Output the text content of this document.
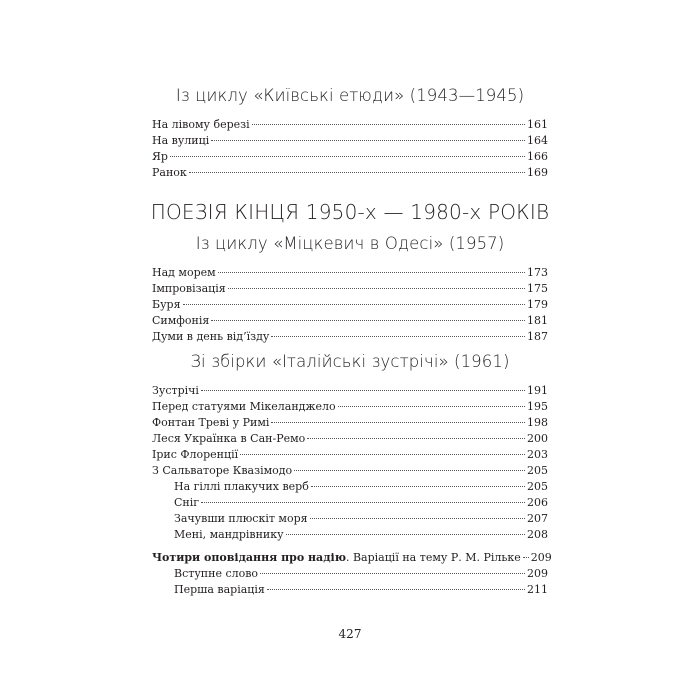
Із циклу «Київські етюди» (1943—1945)
На лівому березі	161
На вулиці	164
Яр	166
Ранок	169
ПОЕЗІЯ КІНЦЯ 1950-х — 1980-х РОКІВ
Із циклу «Міцкевич в Одесі» (1957)
Над морем	173
Імпровізація	175
Буря	179
Симфонія	181
Думи в день від’їзду	187
Зі збірки «Італійські зустрічі» (1961)
Зустрічі	191
Перед статуями Мікеланджело	195
Фонтан Треві у Римі	198
Леся Українка в Сан-Ремо	200
Ірис Флоренції	203
З Сальваторе Квазімодо	205
На гіллі плакучих верб	205
Сніг	206
Зачувши плюскіт моря	207
Мені, мандрівнику	208
Чотири оповідання про надію. Варіації на тему Р. М. Рільке 209
Вступне слово	209
Перша варіація	211
427
